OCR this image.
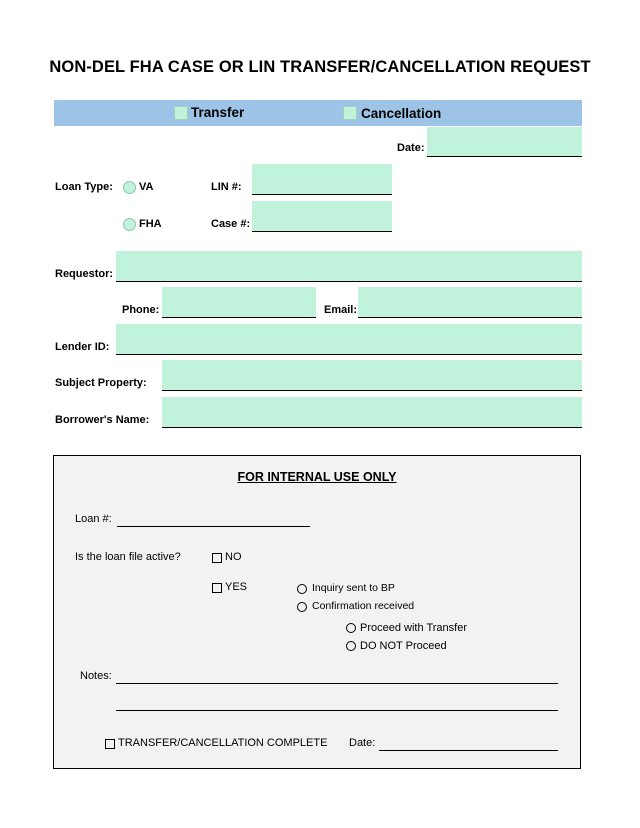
NON-DEL FHA CASE OR LIN TRANSFER/CANCELLATION REQUEST
Transfer	Cancellation
Date:
Loan Type: VA
FHA
LIN #:
Case #:
Requestor:
Phone:	Email:
Lender ID:
Subject Property:
Borrower's Name:
FOR INTERNAL USE ONLY
Loan #:
Is the loan file active?	NO
YES	Inquiry sent to BP
Confirmation received
Proceed with Transfer
DO NOT Proceed
Notes:
TRANSFER/CANCELLATION COMPLETE Date:
